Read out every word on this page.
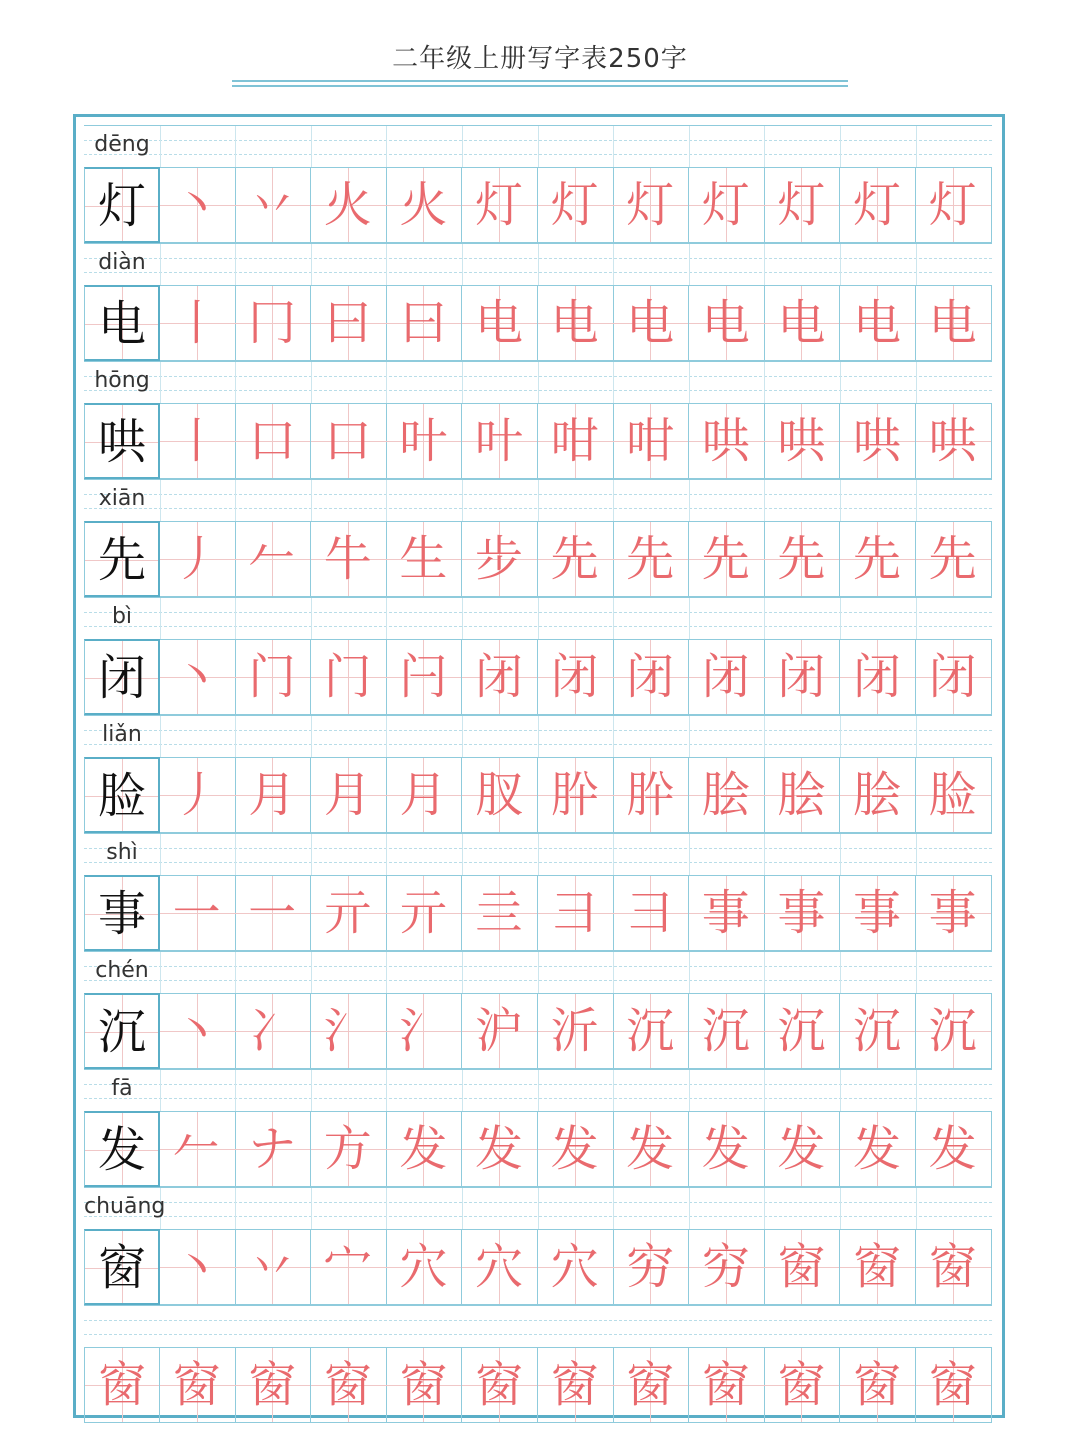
二年级上册写字表250字
dēng
灯 丶 丷 火 火 灯 灯 灯 灯 灯 灯 灯
diàn
电 丨 冂 曰 曰 电 电 电 电 电 电 电
hōng
哄 丨 口 口 叶 叶 咁 咁 哄 哄 哄 哄
xiān
先 丿 𠂉 牛 生 步 先 先 先 先 先 先
bì
闭 丶 门 门 闩 闭 闭 闭 闭 闭 闭 闭
liǎn
脸 丿 月 月 月 肞 肸 肸 脍 脍 脍 脸
shì
事 一 一 亓 亓 亖 彐 彐 事 事 事 事
chén
沉 丶 冫 氵 氵 沪 沂 沉 沉 沉 沉 沉
fā
发 𠂉 ナ 方 发 发 发 发 发 发 发 发
chuāng
窗 丶 丷 宀 穴 穴 穴 穷 穷 窗 窗 窗
窗 窗 窗 窗 窗 窗 窗 窗 窗 窗 窗 窗
